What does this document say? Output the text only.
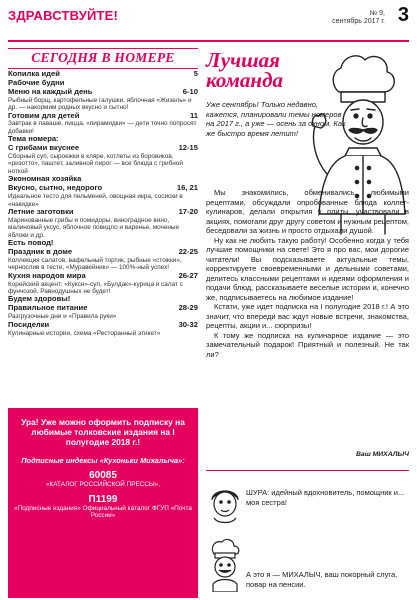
ЗДРАВСТВУЙТЕ!	№ 9,
сентябрь 2017 г. 3
СЕГОДНЯ В НОМЕРЕ
Копилка идей	5
Рабочие будни
Меню на каждый день	6-10
Рыбный борщ, картофельные галушки, яблочная «Жизель» и др. — накормим родных вкусно и сытно!
Готовим для детей	11
Завтрак в лаваше, пицца, «пирамидки» — дети точно попросят добавки!
Тема номера:
С грибами вкуснее	12-15
Сборный суп, сыроежки в кляре, котлеты из боровиков, «ризотто», паштет, заливной пирог — все блюда с грибной ноткой
Экономная хозяйка
Вкусно, сытно, недорого	16, 21
Идеальное тесто для пельменей, овощная икра, сосиски в «накидке»
Летние заготовки	17-20
Маринованные грибы и помидоры, виноградное вино, малиновый уксус, яблочное повидло и варенье, моченые яблоки и др.
Есть повод!
Праздник в доме	22-25
Коллекция салатов, вафельный тортик, рыбные «стожки», чернослив в тесте, «Муравейник» — 100%-ный успех!
Кухня народов мира	26-27
Корейский акцент: «Куксн»-суп, «Булдак»-курица и салат с фунчозой. Равнодушных не будет!
Будем здоровы!
Правильное питание	28-29
Разгрузочные дни и «Правила руки»
Посиделки	30-32
Кулинарные истории, схема «Ресторанный этикет»
Ура! Уже можно оформить подписку на любимые толковские издания на I полугодие 2018 г.!
Подписные индексы «Кухоньки Михалыча»:
60085
«КАТАЛОГ РОССИЙСКОЙ ПРЕССЫ»,
П1199
«Подписные издания» Официальный каталог ФГУП «Почта России»
Лучшая
команда
Уже сентябрь! Только недавно, кажется, планировали темы номеров на 2017 г., а уже — осень за окном. Как же быстро время летит!

Мы знакомились, обменивались любимыми рецептами, обсуждали опробованные блюда коллег-кулинаров, делали открытия у плиты, участвовали в акциях, помогали друг другу советом и нужным рецептом, беседовали за жизнь и просто отдыхали душой.

Ну как не любить такую работу! Особенно когда у тебя лучшие помощники на свете! Это я про вас, мои дорогие читатели! Вы подсказываете актуальные темы, корректируете своевременными и дельными советами, делитесь классными рецептами и идеями оформления и подачи блюд, рассказываете веселые истории и, конечно же, подписываетесь на любимое издание!

Кстати, уже идет подписка на I полугодие 2018 г.! А это значит, что впереди вас ждут новые встречи, знакомства, рецепты, акции и... сюрпризы!

К тому же подписка на кулинарное издание — это замечательный подарок! Приятный и полезный. Не так ли?

Ваш МИХАЛЫЧ
ШУРА: идейный вдохновитель, помощник и... моя сестра!
А это я — МИХАЛЫЧ, ваш покорный слуга, повар на пенсии.
